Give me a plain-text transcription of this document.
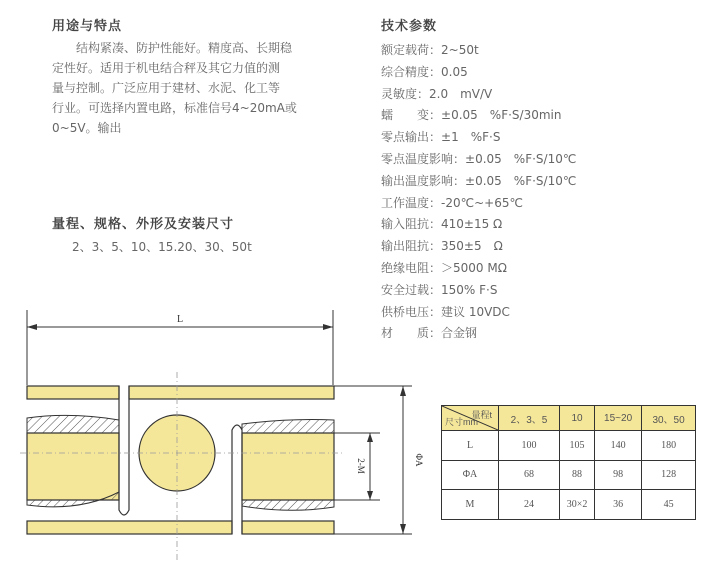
用途与特点
结构紧凑、防护性能好。精度高、长期稳
定性好。适用于机电结合秤及其它力值的测
量与控制。广泛应用于建材、水泥、化工等
行业。可选择内置电路，标准信号4~20mA或
0~5V。输出
量程、规格、外形及安装尺寸
2、3、5、10、15.20、30、50t
技术参数
额定载荷：2~50t
综合精度：0.05
灵敏度：2.0　mV/V
蠕　　变：±0.05　%F·S/30min
零点输出：±1　%F·S
零点温度影响：±0.05　%F·S/10℃
输出温度影响：±0.05　%F·S/10℃
工作温度：-20℃~+65℃
输入阻抗：410±15 Ω
输出阻抗：350±5　Ω
绝缘电阻：＞5000 MΩ
安全过载：150% F·S
供桥电压：建议 10VDC
材　　质：合金钢
L
2-M	ΦA
量程t
尺寸mm	2、3、5	10	15~20	30、50
L	100	105	140	180
ΦA	68	88	98	128
M	24	30×2	36	45
